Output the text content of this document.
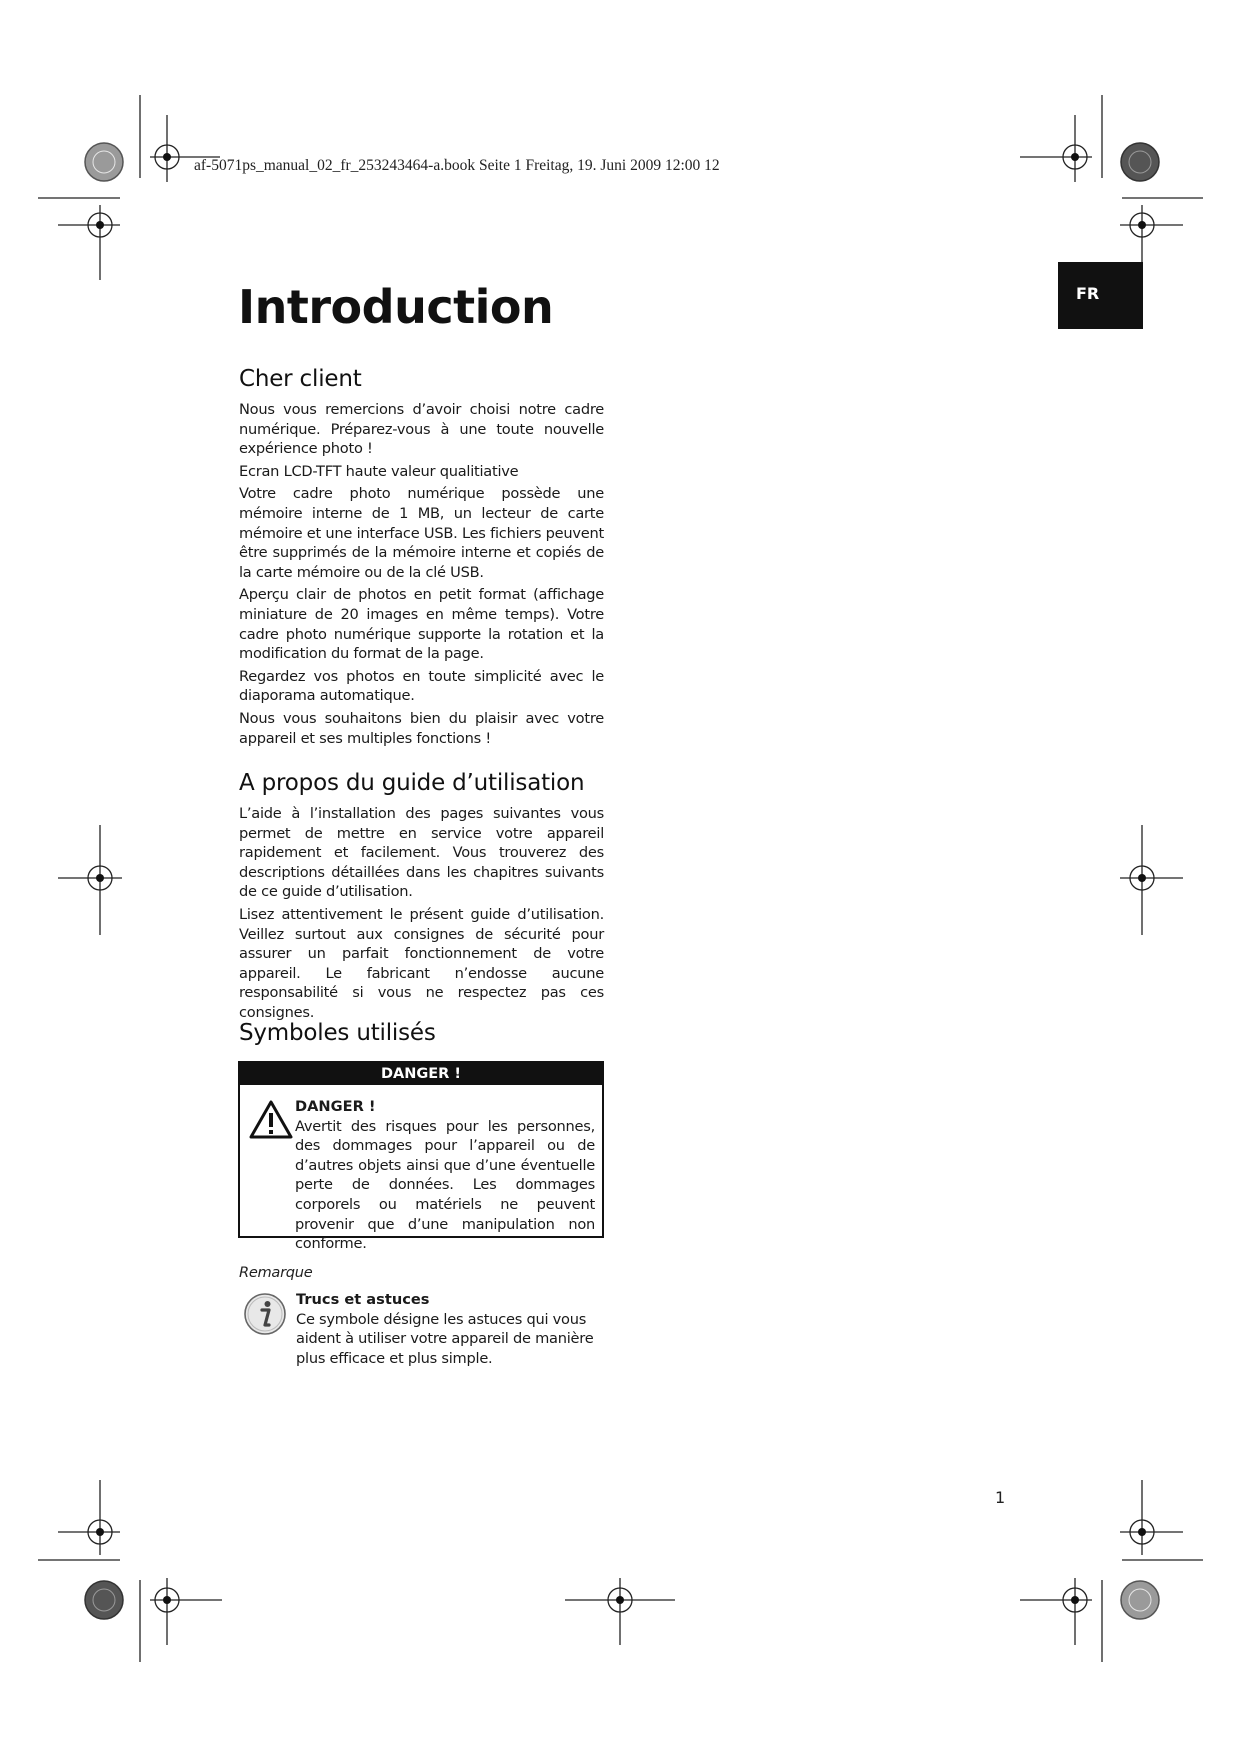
af-5071ps_manual_02_fr_253243464-a.book Seite 1 Freitag, 19. Juni 2009 12:00 12
FR
Introduction
Cher client

Nous vous remercions d’avoir choisi notre cadre numérique. Préparez-vous à une toute nouvelle expérience photo !

Ecran LCD-TFT haute valeur qualitiative

Votre cadre photo numérique possède une mémoire interne de 1 MB, un lecteur de carte mémoire et une interface USB. Les fichiers peuvent être supprimés de la mémoire interne et copiés de la carte mémoire ou de la clé USB.

Aperçu clair de photos en petit format (affichage miniature de 20 images en même temps). Votre cadre photo numérique supporte la rotation et la modification du format de la page.

Regardez vos photos en toute simplicité avec le diaporama automatique.

Nous vous souhaitons bien du plaisir avec votre appareil et ses multiples fonctions !

A propos du guide d’utilisation

L’aide à l’installation des pages suivantes vous permet de mettre en service votre appareil rapidement et facilement. Vous trouverez des descriptions détaillées dans les chapitres suivants de ce guide d’utilisation.

Lisez attentivement le présent guide d’utilisation. Veillez surtout aux consignes de sécurité pour assurer un parfait fonctionnement de votre appareil. Le fabricant n’endosse aucune responsabilité si vous ne respectez pas ces consignes.

Symboles utilisés
DANGER !
DANGER !

Avertit des risques pour les personnes, des dommages pour l’appareil ou de d’autres objets ainsi que d’une éventuelle perte de données. Les dommages corporels ou matériels ne peuvent provenir que d’une manipulation non conforme.

Remarque
Trucs et astuces

Ce symbole désigne les astuces qui vous aident à utiliser votre appareil de manière plus efficace et plus simple.

1
